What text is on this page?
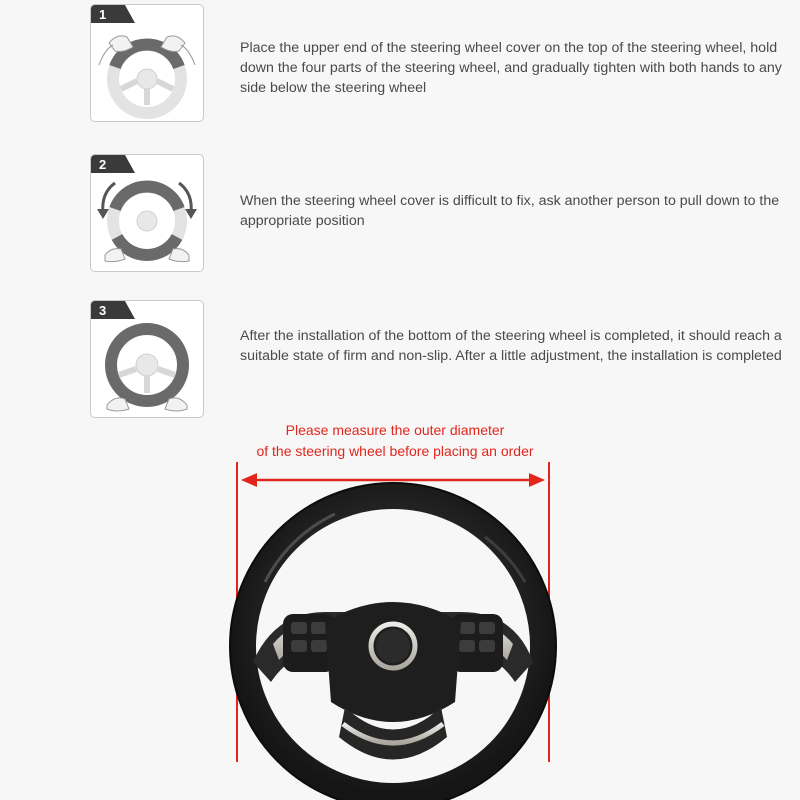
1

Place the upper end of the steering wheel cover on the top of the steering wheel, hold down the four parts of the steering wheel, and gradually tighten with both hands to any side below the steering wheel

2

When the steering wheel cover is difficult to fix, ask another person to pull down to the appropriate position

3

After the installation of the bottom of the steering wheel is completed, it should reach a suitable state of firm and non-slip. After a little adjustment, the installation is completed

Please measure the outer diameter
of the steering wheel before placing an order
